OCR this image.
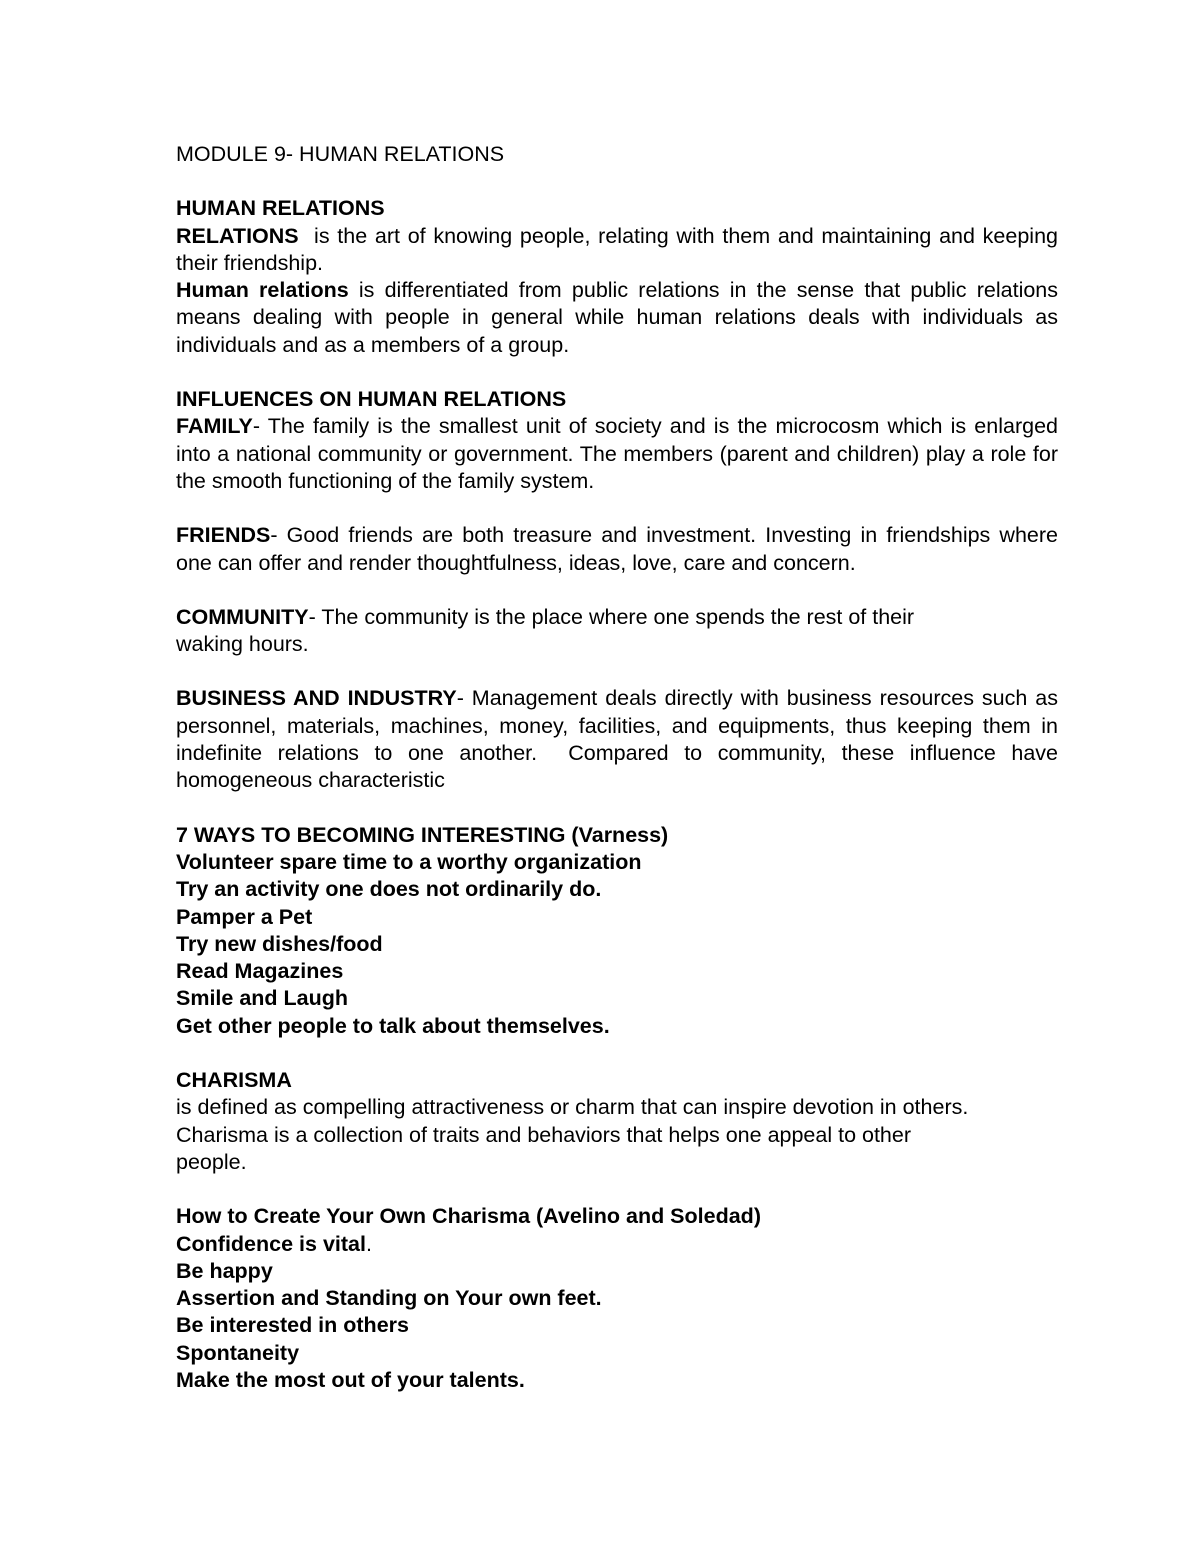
MODULE 9- HUMAN RELATIONS

HUMAN RELATIONS

RELATIONS  is the art of knowing people, relating with them and maintaining and keeping their friendship.

Human relations is differentiated from public relations in the sense that public relations means dealing with people in general while human relations deals with individuals as individuals and as a members of a group.

INFLUENCES ON HUMAN RELATIONS

FAMILY- The family is the smallest unit of society and is the microcosm which is enlarged into a national community or government. The members (parent and children) play a role for the smooth functioning of the family system.

FRIENDS- Good friends are both treasure and investment. Investing in friendships where one can offer and render thoughtfulness, ideas, love, care and concern.

COMMUNITY- The community is the place where one spends the rest of their

waking hours.

BUSINESS AND INDUSTRY- Management deals directly with business resources such as personnel, materials, machines, money, facilities, and equipments, thus keeping them in indefinite relations to one another.  Compared to community, these influence have homogeneous characteristic

7 WAYS TO BECOMING INTERESTING (Varness)

Volunteer spare time to a worthy organization

Try an activity one does not ordinarily do.

Pamper a Pet

Try new dishes/food

Read Magazines

Smile and Laugh

Get other people to talk about themselves.

CHARISMA

is defined as compelling attractiveness or charm that can inspire devotion in others.

Charisma is a collection of traits and behaviors that helps one appeal to other

people.

How to Create Your Own Charisma (Avelino and Soledad)

Confidence is vital.

Be happy

Assertion and Standing on Your own feet.

Be interested in others

Spontaneity

Make the most out of your talents.
